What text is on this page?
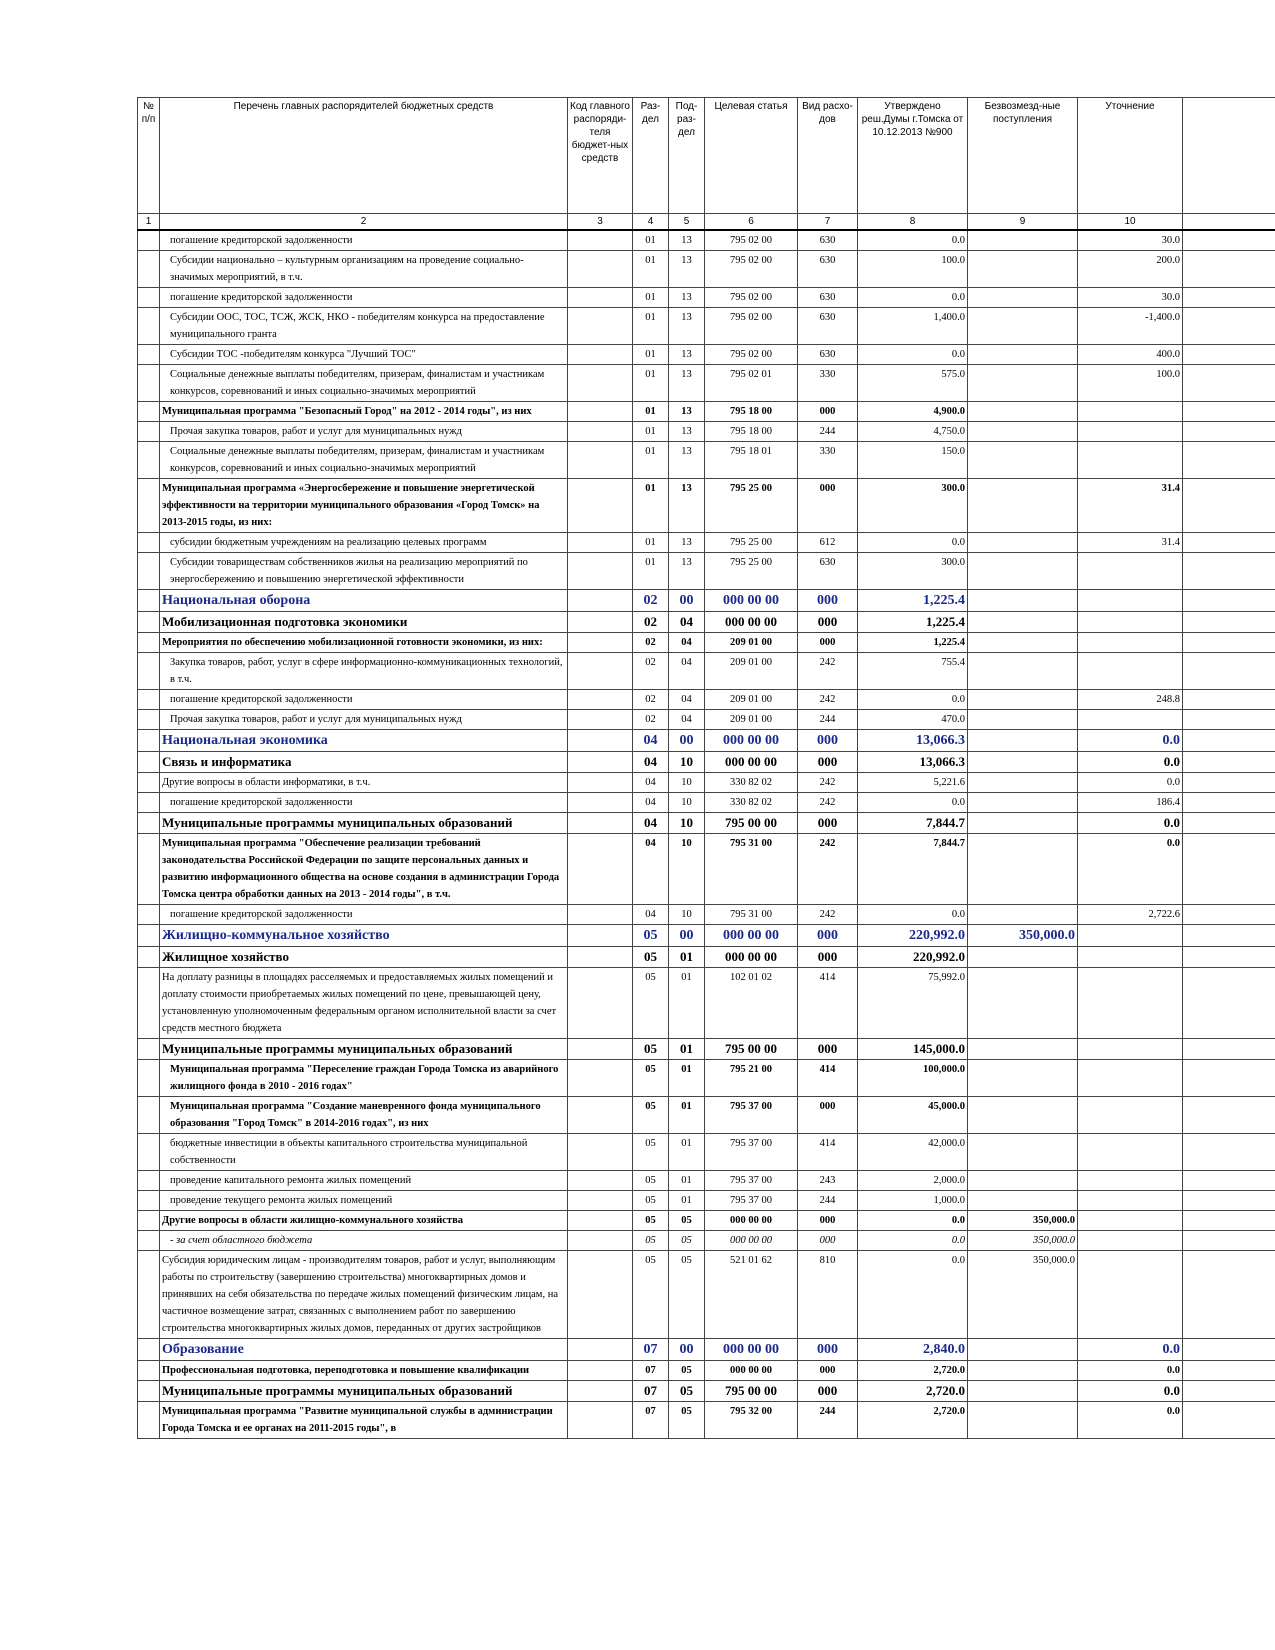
№ п/п	Перечень главных распорядителей бюджетных средств	Код главного распоряди-теля бюджет-ных средств	Раз-дел	Под-раз-дел	Целевая статья	Вид расхо-дов	Утверждено реш.Думы г.Томска от 10.12.2013 №900	Безвозмезд-ные поступления	Уточнение	
1	2	3	4	5	6	7	8	9	10	
	погашение кредиторской задолженности		01	13	795 02 00	630	0.0		30.0	
	Субсидии национально – культурным организациям на проведение социально-значимых мероприятий, в т.ч.		01	13	795 02 00	630	100.0		200.0	
	погашение кредиторской задолженности		01	13	795 02 00	630	0.0		30.0	
	Субсидии ООС, ТОС, ТСЖ, ЖСК, НКО - победителям конкурса на предоставление муниципального гранта		01	13	795 02 00	630	1,400.0		-1,400.0	
	Субсидии ТОС -победителям конкурса "Лучший ТОС"		01	13	795 02 00	630	0.0		400.0	
	Социальные денежные выплаты победителям, призерам, финалистам и участникам конкурсов, соревнований и иных социально-значимых мероприятий		01	13	795 02 01	330	575.0		100.0	
	Муниципальная программа "Безопасный Город" на 2012 - 2014 годы", из них		01	13	795 18 00	000	4,900.0			
	Прочая закупка товаров, работ и услуг для муниципальных нужд		01	13	795 18 00	244	4,750.0			
	Социальные денежные выплаты победителям, призерам, финалистам и участникам конкурсов, соревнований и иных социально-значимых мероприятий		01	13	795 18 01	330	150.0			
	Муниципальная программа «Энергосбережение и повышение энергетической эффективности на территории муниципального образования «Город Томск» на 2013-2015 годы, из них:		01	13	795 25 00	000	300.0		31.4	
	субсидии бюджетным учреждениям на реализацию целевых программ		01	13	795 25 00	612	0.0		31.4	
	Субсидии товариществам собственников жилья на реализацию мероприятий по энергосбережению и повышению энергетической эффективности		01	13	795 25 00	630	300.0			
	Национальная оборона		02	00	000 00 00	000	1,225.4			
	Мобилизационная подготовка экономики		02	04	000 00 00	000	1,225.4			
	Мероприятия по обеспечению мобилизационной готовности экономики, из них:		02	04	209 01 00	000	1,225.4			
	Закупка товаров, работ, услуг в сфере информационно-коммуникационных технологий, в т.ч.		02	04	209 01 00	242	755.4			
	погашение кредиторской задолженности		02	04	209 01 00	242	0.0		248.8	
	Прочая закупка товаров, работ и услуг для муниципальных нужд		02	04	209 01 00	244	470.0			
	Национальная экономика		04	00	000 00 00	000	13,066.3		0.0	
	Связь и информатика		04	10	000 00 00	000	13,066.3		0.0	
	Другие вопросы в области информатики, в т.ч.		04	10	330 82 02	242	5,221.6		0.0	
	погашение кредиторской задолженности		04	10	330 82 02	242	0.0		186.4	
	Муниципальные программы муниципальных образований		04	10	795 00 00	000	7,844.7		0.0	
	Муниципальная программа "Обеспечение реализации требований законодательства Российской Федерации по защите персональных данных и развитию информационного общества на основе создания в администрации Города Томска центра обработки данных на 2013 - 2014 годы", в т.ч.		04	10	795 31 00	242	7,844.7		0.0	
	погашение кредиторской задолженности		04	10	795 31 00	242	0.0		2,722.6	
	Жилищно-коммунальное хозяйство		05	00	000 00 00	000	220,992.0	350,000.0		
	Жилищное хозяйство		05	01	000 00 00	000	220,992.0			
	На доплату разницы в площадях расселяемых и предоставляемых жилых помещений и доплату стоимости приобретаемых жилых помещений по цене, превышающей цену, установленную уполномоченным федеральным органом исполнительной власти за счет средств местного бюджета		05	01	102 01 02	414	75,992.0			
	Муниципальные программы муниципальных образований		05	01	795 00 00	000	145,000.0			
	Муниципальная программа "Переселение граждан Города Томска из аварийного жилищного фонда в 2010 - 2016 годах"		05	01	795 21 00	414	100,000.0			
	Муниципальная программа "Создание маневренного фонда муниципального образования "Город Томск" в 2014-2016 годах", из них		05	01	795 37 00	000	45,000.0			
	бюджетные инвестиции в объекты капитального строительства муниципальной собственности		05	01	795 37 00	414	42,000.0			
	проведение капитального ремонта жилых помещений		05	01	795 37 00	243	2,000.0			
	проведение текущего ремонта жилых помещений		05	01	795 37 00	244	1,000.0			
	Другие вопросы в области жилищно-коммунального хозяйства		05	05	000 00 00	000	0.0	350,000.0		
	- за счет областного бюджета		05	05	000 00 00	000	0.0	350,000.0		
	Субсидия юридическим лицам - производителям товаров, работ и услуг, выполняющим работы по строительству (завершению строительства) многоквартирных домов и принявших на себя обязательства по передаче жилых помещений физическим лицам, на частичное возмещение затрат, связанных с выполнением работ по завершению строительства многоквартирных жилых домов, переданных от других застройщиков		05	05	521 01 62	810	0.0	350,000.0		
	Образование		07	00	000 00 00	000	2,840.0		0.0	
	Профессиональная подготовка, переподготовка и повышение квалификации		07	05	000 00 00	000	2,720.0		0.0	
	Муниципальные программы муниципальных образований		07	05	795 00 00	000	2,720.0		0.0	
	Муниципальная программа "Развитие муниципальной службы в администрации Города Томска и ее органах на 2011-2015 годы", в		07	05	795 32 00	244	2,720.0		0.0	
